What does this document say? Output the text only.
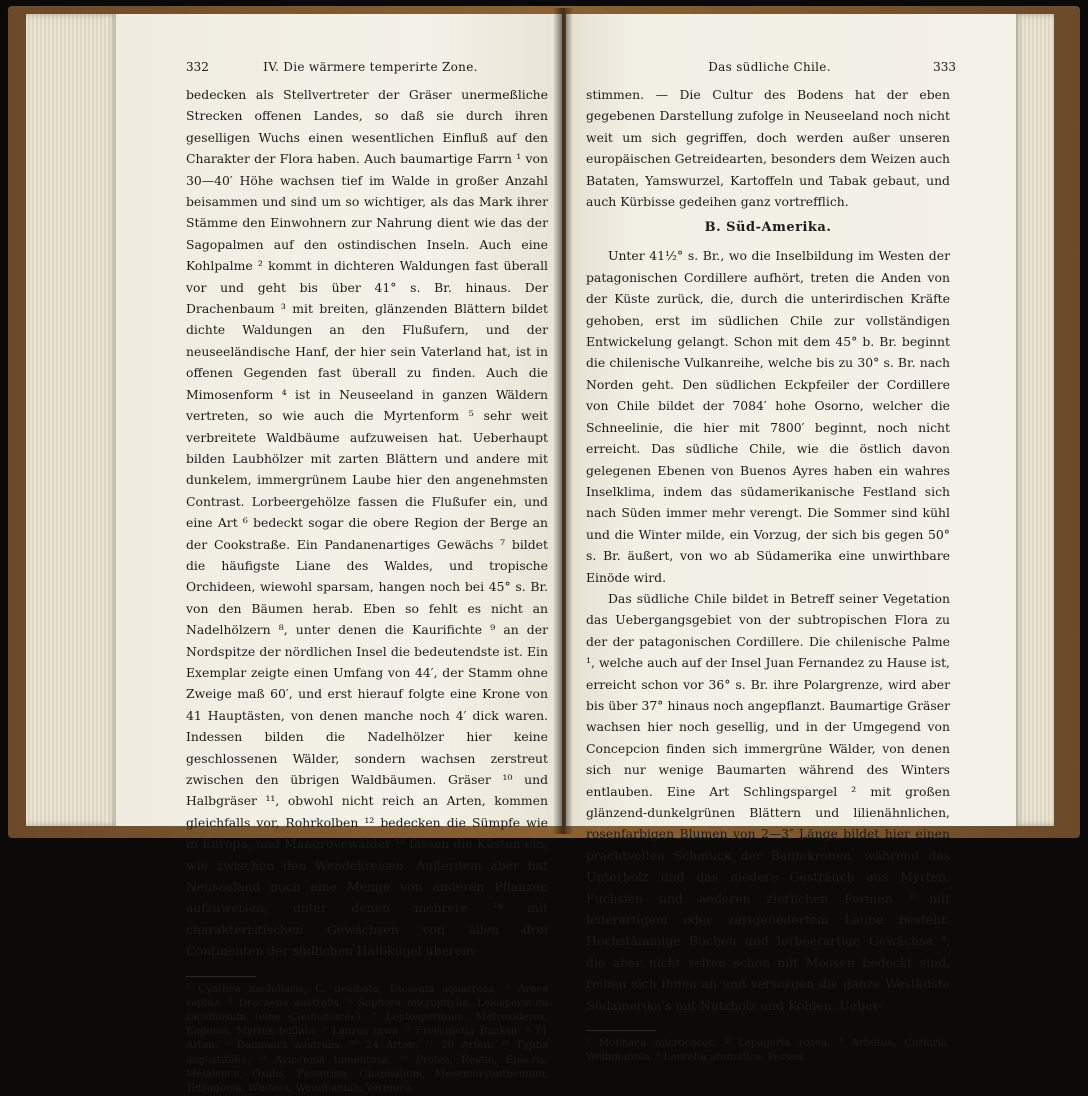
332	IV. Die wärmere temperirte Zone.

bedecken als Stellvertreter der Gräser unermeßliche Strecken offenen Landes, so daß sie durch ihren geselligen Wuchs einen wesentlichen Einfluß auf den Charakter der Flora haben. Auch baumartige Farrn ¹ von 30—40′ Höhe wachsen tief im Walde in großer Anzahl beisammen und sind um so wichtiger, als das Mark ihrer Stämme den Einwohnern zur Nahrung dient wie das der Sagopalmen auf den ostindischen Inseln. Auch eine Kohlpalme ² kommt in dichteren Waldungen fast überall vor und geht bis über 41° s. Br. hinaus. Der Drachenbaum ³ mit breiten, glänzenden Blättern bildet dichte Waldungen an den Flußufern, und der neuseeländische Hanf, der hier sein Vaterland hat, ist in offenen Gegenden fast überall zu finden. Auch die Mimosenform ⁴ ist in Neuseeland in ganzen Wäldern vertreten, so wie auch die Myrtenform ⁵ sehr weit verbreitete Waldbäume aufzuweisen hat. Ueberhaupt bilden Laubhölzer mit zarten Blättern und andere mit dunkelem, immergrünem Laube hier den angenehmsten Contrast. Lorbeergehölze fassen die Flußufer ein, und eine Art ⁶ bedeckt sogar die obere Region der Berge an der Cookstraße. Ein Pandanenartiges Gewächs ⁷ bildet die häufigste Liane des Waldes, und tropische Orchideen, wiewohl sparsam, hangen noch bei 45° s. Br. von den Bäumen herab. Eben so fehlt es nicht an Nadelhölzern ⁸, unter denen die Kaurifichte ⁹ an der Nordspitze der nördlichen Insel die bedeutendste ist. Ein Exemplar zeigte einen Umfang von 44′, der Stamm ohne Zweige maß 60′, und erst hierauf folgte eine Krone von 41 Hauptästen, von denen manche noch 4′ dick waren. Indessen bilden die Nadelhölzer hier keine geschlossenen Wälder, sondern wachsen zerstreut zwischen den übrigen Waldbäumen. Gräser ¹⁰ und Halbgräser ¹¹, obwohl nicht reich an Arten, kommen gleichfalls vor, Rohrkolben ¹² bedecken die Sümpfe wie in Europa, und Mangrovewälder ¹³ fassen die Küsten ein, wie zwischen den Wendekreisen. Außerdem aber hat Neuseeland noch eine Menge von anderen Pflanzen aufzuweisen, unter denen mehrere ¹⁴ mit charakteristischen Gewächsen von allen drei Continenten der südlichen Halbkugel überein-

¹ Cyathea medullaris, C. dealbata, Dicsonia squarrosa. ² Areca sapida. ³ Dracaena australis. ⁴ Sophora microphylla, Leiospermum racemosum (eine Counoniacee). ⁵ Leptospermum, Metrosideros, Eugenia, Myrtus bullata. ⁶ Laurus tawa. ⁷ Freycinetia Banksii. ⁸ 11 Arten. ⁹ Dammara australis. ¹⁰ 24 Arten. ¹¹ 20 Arten. ¹² Typha angustifolia. ¹³ Avicennia tomentosa. ¹⁴ Protea, Restio, Epacris, Melaleuca, Oxalis, Passerina, Gnaphalium, Mesembryanthemum, Tetragonia, Wintera, Weinmannia, Veronica.
Das südliche Chile.	333

stimmen. — Die Cultur des Bodens hat der eben gegebenen Darstellung zufolge in Neuseeland noch nicht weit um sich gegriffen, doch werden außer unseren europäischen Getreidearten, besonders dem Weizen auch Bataten, Yamswurzel, Kartoffeln und Tabak gebaut, und auch Kürbisse gedeihen ganz vortrefflich.

B. Süd-Amerika.

Unter 41½° s. Br., wo die Inselbildung im Westen der patagonischen Cordillere aufhört, treten die Anden von der Küste zurück, die, durch die unterirdischen Kräfte gehoben, erst im südlichen Chile zur vollständigen Entwickelung gelangt. Schon mit dem 45° b. Br. beginnt die chilenische Vulkanreihe, welche bis zu 30° s. Br. nach Norden geht. Den südlichen Eckpfeiler der Cordillere von Chile bildet der 7084′ hohe Osorno, welcher die Schneelinie, die hier mit 7800′ beginnt, noch nicht erreicht. Das südliche Chile, wie die östlich davon gelegenen Ebenen von Buenos Ayres haben ein wahres Inselklima, indem das südamerikanische Festland sich nach Süden immer mehr verengt. Die Sommer sind kühl und die Winter milde, ein Vorzug, der sich bis gegen 50° s. Br. äußert, von wo ab Südamerika eine unwirthbare Einöde wird.

Das südliche Chile bildet in Betreff seiner Vegetation das Uebergangsgebiet von der subtropischen Flora zu der der patagonischen Cordillere. Die chilenische Palme ¹, welche auch auf der Insel Juan Fernandez zu Hause ist, erreicht schon vor 36° s. Br. ihre Polargrenze, wird aber bis über 37° hinaus noch angepflanzt. Baumartige Gräser wachsen hier noch gesellig, und in der Umgegend von Concepcion finden sich immergrüne Wälder, von denen sich nur wenige Baumarten während des Winters entlauben. Eine Art Schlingspargel ² mit großen glänzend-dunkelgrünen Blättern und lilienähnlichen, rosenfarbigen Blumen von 2—3″ Länge bildet hier einen prachtvollen Schmuck der Baumkronen, während das Unterholz und das niedere Gesträuch aus Myrten, Fuchsien und anderen zierlichen Formen ³ mit lederartigem oder zartgefiedertem Laube besteht. Hochstämmige Buchen und lorbeerartige Gewächse ⁴, die aber nicht selten schon mit Moosen bedeckt sind, reihen sich ihnen an und versorgen die ganze Westküste Südamerika's mit Nutzholz und Kohlen. Ueber-

¹ Molinaea micrococos. ² Lapageria rosea. ³ Arbutus, Coriaria, Weinmannia. ⁴ Laurelia aromatica, Persea.
